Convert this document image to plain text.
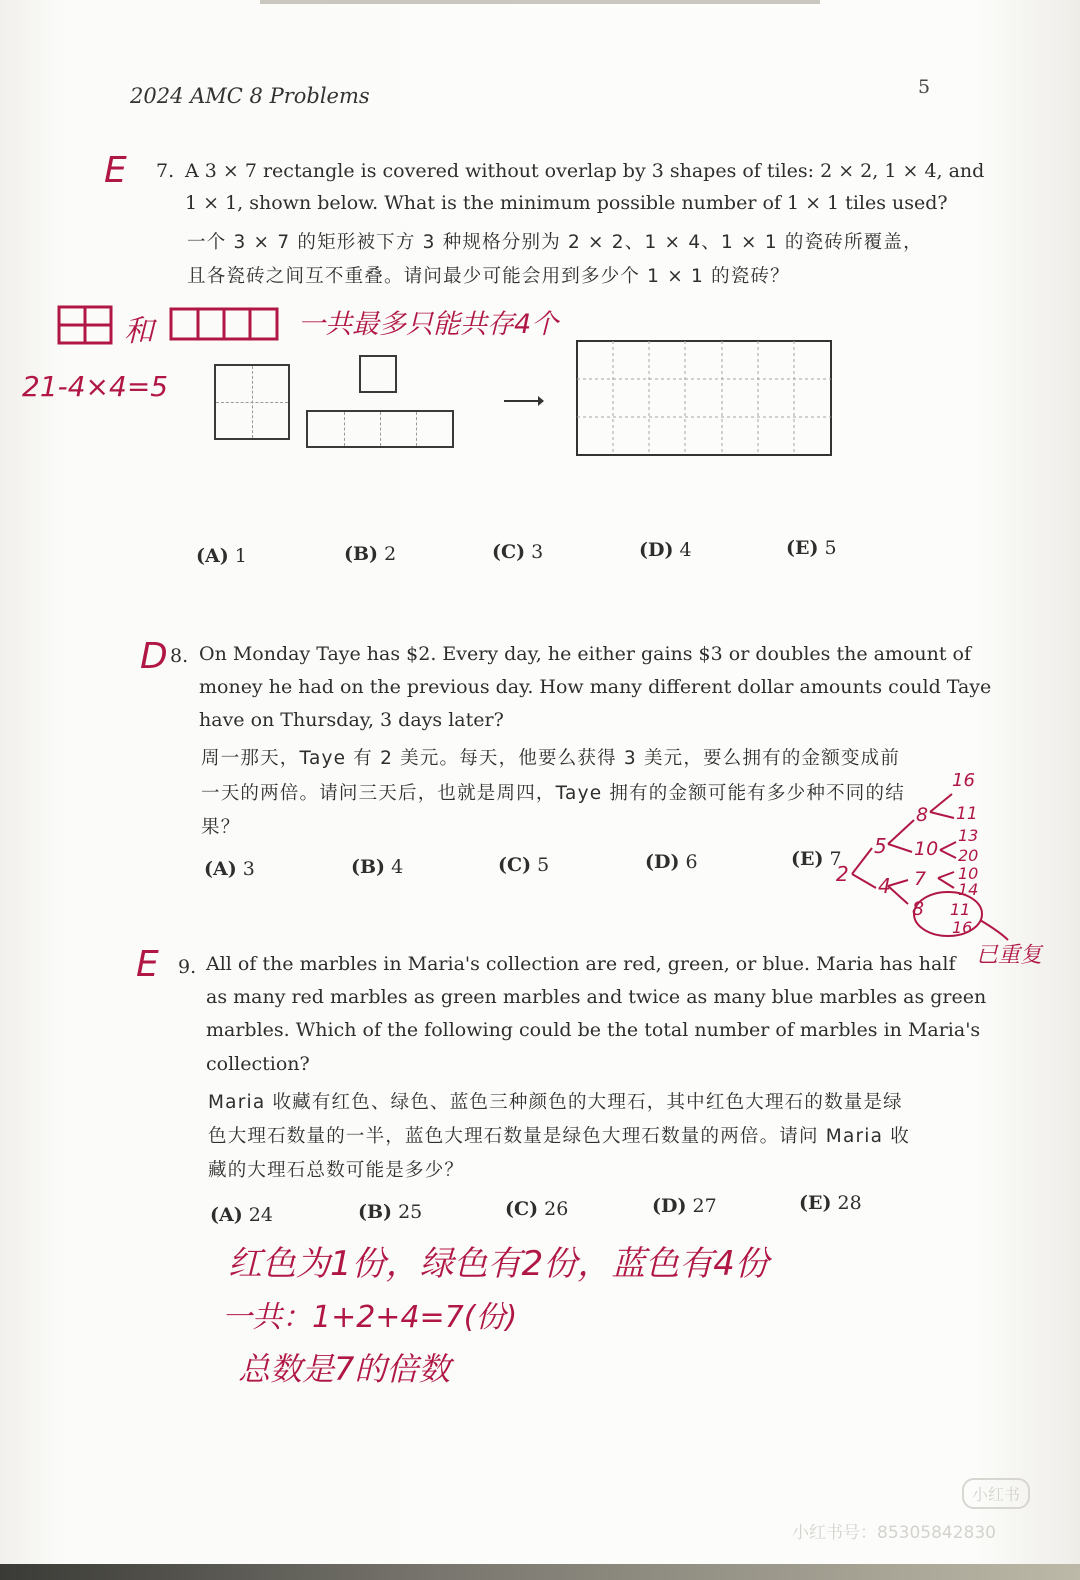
2024 AMC 8 Problems	5
E 7. A 3 × 7 rectangle is covered without overlap by 3 shapes of tiles: 2 × 2, 1 × 4, and
1 × 1, shown below. What is the minimum possible number of 1 × 1 tiles used?
一个 3 × 7 的矩形被下方 3 种规格分别为 2 × 2、1 × 4、1 × 1 的瓷砖所覆盖，
且各瓷砖之间互不重叠。请问最少可能会用到多少个 1 × 1 的瓷砖？
和	一共最多只能共存4个
21-4×4=5
(A) 1	(B) 2	(C) 3	(D) 4	(E) 5
D 8. On Monday Taye has $2. Every day, he either gains $3 or doubles the amount of
money he had on the previous day. How many different dollar amounts could Taye
have on Thursday, 3 days later?
周一那天，Taye 有 2 美元。每天，他要么获得 3 美元，要么拥有的金额变成前
一天的两倍。请问三天后，也就是周四，Taye 拥有的金额可能有多少种不同的结
果？
(A) 3	(B) 4	(C) 5	(D) 6	(E) 7
2
5
4
8
10
7
8
16
11
13
20
10
14
11
16
已重复
E 9. All of the marbles in Maria's collection are red, green, or blue. Maria has half
as many red marbles as green marbles and twice as many blue marbles as green
marbles. Which of the following could be the total number of marbles in Maria's
collection?
Maria 收藏有红色、绿色、蓝色三种颜色的大理石，其中红色大理石的数量是绿
色大理石数量的一半，蓝色大理石数量是绿色大理石数量的两倍。请问 Maria 收
藏的大理石总数可能是多少？
(A) 24	(B) 25	(C) 26	(D) 27	(E) 28
红色为1份，绿色有2份，蓝色有4份
一共：1+2+4=7(份)
总数是7的倍数
小红书
小红书号：85305842830
